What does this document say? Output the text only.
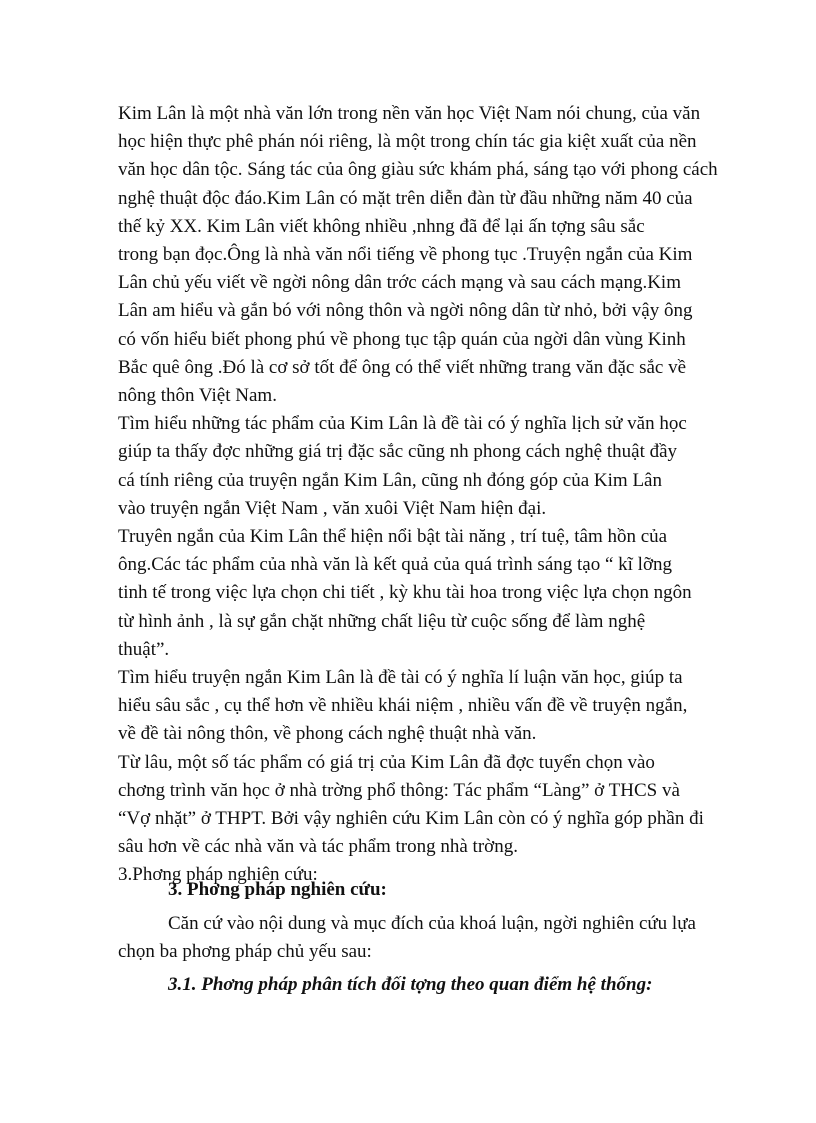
Kim Lân là một nhà văn lớn trong nền văn học Việt Nam nói chung, của văn
học hiện thực phê phán nói riêng, là một trong chín tác gia kiệt xuất của nền
văn học dân tộc. Sáng tác của ông giàu sức khám phá, sáng tạo với phong cách
nghệ thuật độc đáo.Kim Lân có mặt trên diễn đàn từ đầu những năm 40 của
thế kỷ XX. Kim Lân viết không nhiều ,nhng đã để lại ấn tợng sâu sắc
trong bạn đọc.Ông là nhà văn nổi tiếng về phong tục .Truyện ngắn của Kim
Lân chủ yếu viết về ngời nông dân trớc cách mạng và sau cách mạng.Kim
Lân am hiểu và gắn bó với nông thôn và ngời nông dân từ nhỏ, bởi vậy ông
có vốn hiểu biết phong phú về phong tục tập quán của ngời dân vùng Kinh
Bắc quê ông .Đó là cơ sở tốt để ông có thể viết những trang văn đặc sắc về
nông thôn Việt Nam.

Tìm hiểu những tác phẩm của Kim Lân là đề tài có ý nghĩa lịch sử văn học
giúp ta thấy đợc những giá trị đặc sắc cũng nh phong cách nghệ thuật đầy
cá tính riêng của truyện ngắn Kim Lân, cũng nh đóng góp của Kim Lân
vào truyện ngắn Việt Nam , văn xuôi Việt Nam hiện đại.

Truyên ngắn của Kim Lân thể hiện nổi bật tài năng , trí tuệ, tâm hồn của
ông.Các tác phẩm của nhà văn là kết quả của quá trình sáng tạo “ kĩ lỡng
tinh tế trong việc lựa chọn chi tiết , kỳ khu tài hoa trong việc lựa chọn ngôn
từ hình ảnh , là sự gắn chặt những chất liệu từ cuộc sống để làm nghệ
thuật”.

Tìm hiểu truyện ngắn Kim Lân là đề tài có ý nghĩa lí luận văn học, giúp ta
hiểu sâu sắc , cụ thể hơn về nhiều khái niệm , nhiều vấn đề về truyện ngắn,
về đề tài nông thôn, về phong cách nghệ thuật nhà văn.

Từ lâu, một số tác phẩm có giá trị của Kim Lân đã đợc tuyển chọn vào
chơng trình văn học ở nhà trờng phổ thông: Tác phẩm “Làng” ở THCS và
“Vợ nhặt” ở THPT. Bởi vậy nghiên cứu Kim Lân còn có ý nghĩa góp phần đi
sâu hơn về các nhà văn và tác phẩm trong nhà trờng.

3.Phơng pháp nghiên cứu:

3. Phơng pháp nghiên cứu:
Căn cứ vào nội dung và mục đích của khoá luận, ngời nghiên cứu lựa
chọn ba phơng pháp chủ yếu sau:
3.1. Phơng pháp phân tích đối tợng theo quan điểm hệ thống:
